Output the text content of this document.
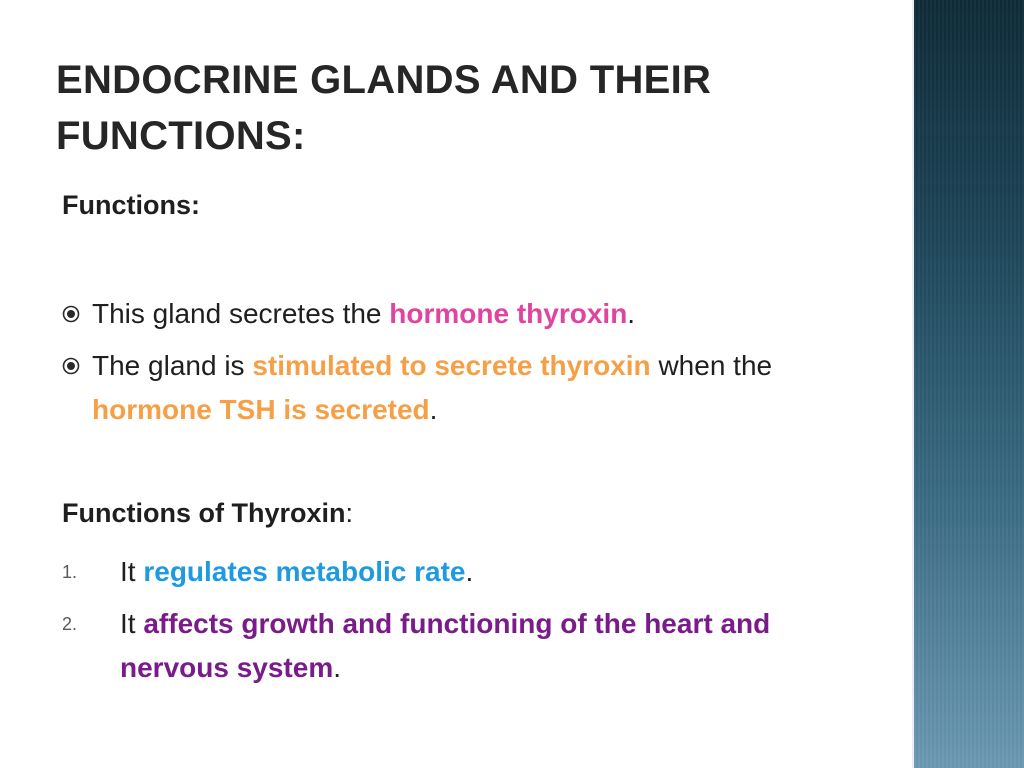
ENDOCRINE GLANDS AND THEIR FUNCTIONS:

Functions:

This gland secretes the hormone thyroxin.
The gland is stimulated to secrete thyroxin when the hormone TSH is secreted.

Functions of Thyroxin:

1. It regulates metabolic rate.
2. It affects growth and functioning of the heart and nervous system.
